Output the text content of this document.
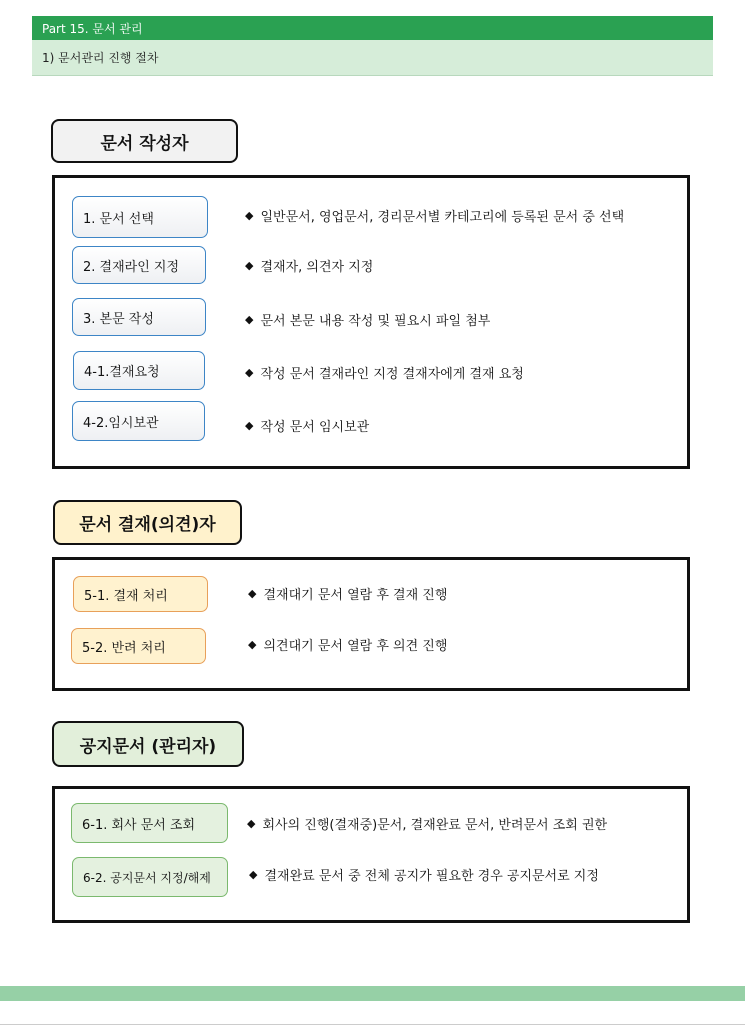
Part 15. 문서 관리
1) 문서관리 진행 절차
문서 작성자
1. 문서 선택	◆ 일반문서, 영업문서, 경리문서별 카테고리에 등록된 문서 중 선택
2. 결재라인 지정	◆ 결재자, 의견자 지정
3. 본문 작성	◆ 문서 본문 내용 작성 및 필요시 파일 첨부
4-1.결재요청	◆ 작성 문서 결재라인 지정 결재자에게 결재 요청
4-2.임시보관	◆ 작성 문서 임시보관
문서 결재(의견)자
5-1. 결재 처리	◆ 결재대기 문서 열람 후 결재 진행
5-2. 반려 처리	◆ 의견대기 문서 열람 후 의견 진행
공지문서 (관리자)
6-1. 회사 문서 조회	◆ 회사의 진행(결재중)문서, 결재완료 문서, 반려문서 조회 권한
6-2. 공지문서 지정/해제	◆ 결재완료 문서 중 전체 공지가 필요한 경우 공지문서로 지정
